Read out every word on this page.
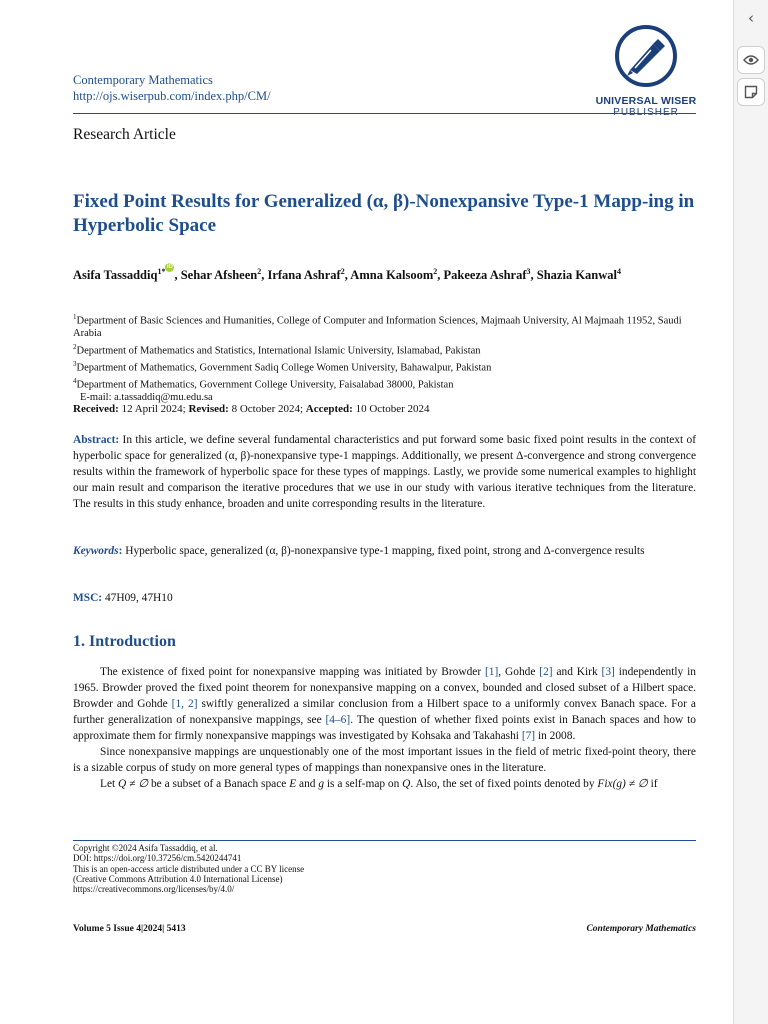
Contemporary Mathematics
http://ojs.wiserpub.com/index.php/CM/	UNIVERSAL WISER
PUBLISHER
Research Article
Fixed Point Results for Generalized (α, β)-Nonexpansive Type-1 Mapp-ing in Hyperbolic Space
Asifa Tassaddiq$^{1*}$ iD, Sehar Afsheen$^2$, Irfana Ashraf$^2$, Amna Kalsoom$^2$, Pakeeza Ashraf$^3$, Shazia Kanwal$^4$
$^1$Department of Basic Sciences and Humanities, College of Computer and Information Sciences, Majmaah University, Al Majmaah 11952, Saudi Arabia
$^2$Department of Mathematics and Statistics, International Islamic University, Islamabad, Pakistan
$^3$Department of Mathematics, Government Sadiq College Women University, Bahawalpur, Pakistan
$^4$Department of Mathematics, Government College University, Faisalabad 38000, Pakistan
E-mail: a.tassaddiq@mu.edu.sa
Received: 12 April 2024; Revised: 8 October 2024; Accepted: 10 October 2024
Abstract: In this article, we define several fundamental characteristics and put forward some basic fixed point results in the context of hyperbolic space for generalized (α, β)-nonexpansive type-1 mappings. Additionally, we present Δ-convergence and strong convergence results within the framework of hyperbolic space for these types of mappings. Lastly, we provide some numerical examples to highlight our main result and comparison the iterative procedures that we use in our study with various iterative techniques from the literature. The results in this study enhance, broaden and unite corresponding results in the literature.
Keywords: Hyperbolic space, generalized (α, β)-nonexpansive type-1 mapping, fixed point, strong and Δ-convergence results
MSC: 47H09, 47H10
1. Introduction

The existence of fixed point for nonexpansive mapping was initiated by Browder [1], Gohde [2] and Kirk [3] independently in 1965. Browder proved the fixed point theorem for nonexpansive mapping on a convex, bounded and closed subset of a Hilbert space. Browder and Gohde [1, 2] swiftly generalized a similar conclusion from a Hilbert space to a uniformly convex Banach space. For a further generalization of nonexpansive mappings, see [4–6]. The question of whether fixed points exist in Banach spaces and how to approximate them for firmly nonexpansive mappings was investigated by Kohsaka and Takahashi [7] in 2008.

Since nonexpansive mappings are unquestionably one of the most important issues in the field of metric fixed-point theory, there is a sizable corpus of study on more general types of mappings than nonexpansive ones in the literature.

Let Q ≠ ∅ be a subset of a Banach space E and g is a self-map on Q. Also, the set of fixed points denoted by Fix(g) ≠ ∅ if

Copyright ©2024 Asifa Tassaddiq, et al.
DOI: https://doi.org/10.37256/cm.5420244741
This is an open-access article distributed under a CC BY license
(Creative Commons Attribution 4.0 International License)
https://creativecommons.org/licenses/by/4.0/
Volume 5 Issue 4|2024| 5413	Contemporary Mathematics
‹
